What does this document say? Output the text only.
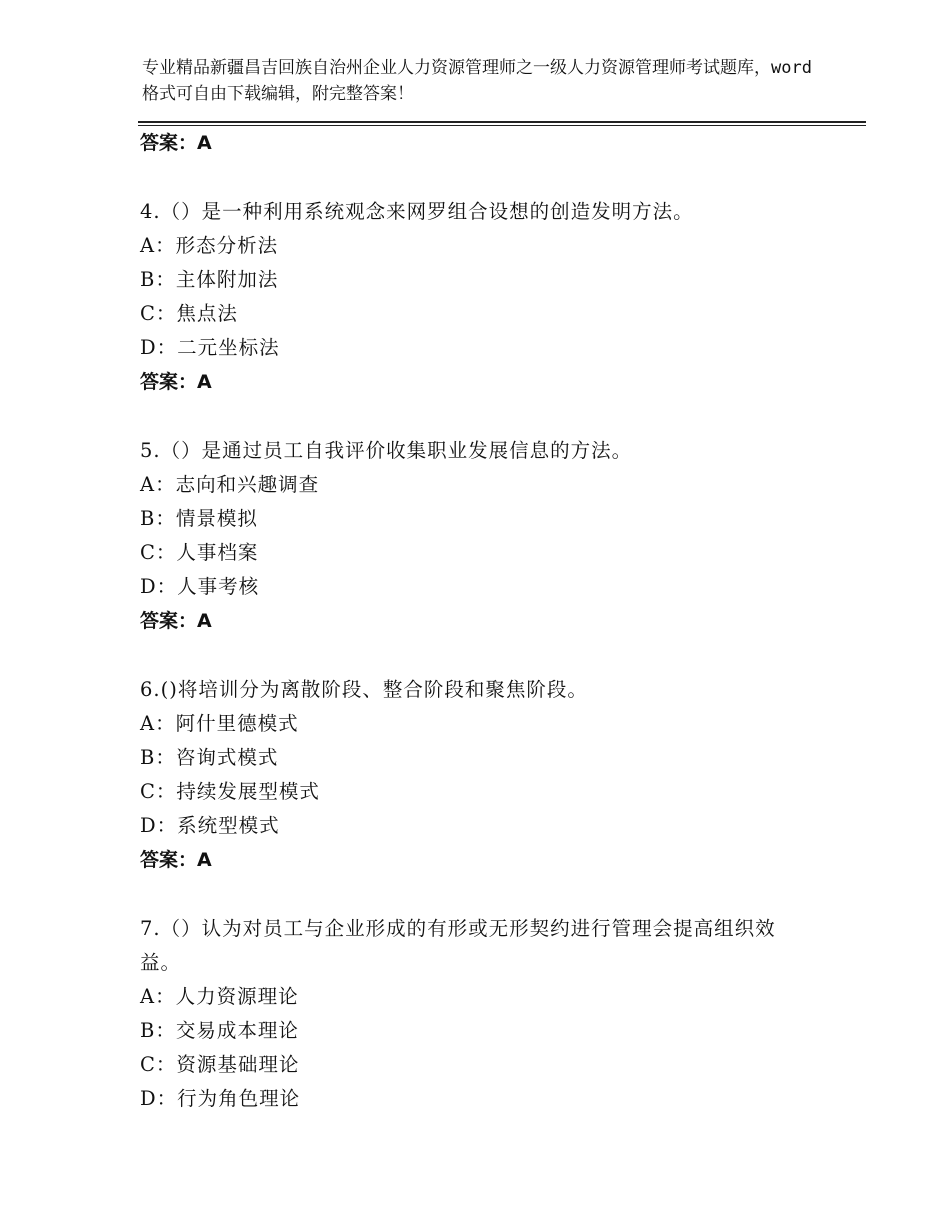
专业精品新疆昌吉回族自治州企业人力资源管理师之一级人力资源管理师考试题库，word格式可自由下载编辑，附完整答案！
答案：A
4.（）是一种利用系统观念来网罗组合设想的创造发明方法。
A：形态分析法
B：主体附加法
C：焦点法
D：二元坐标法
答案：A
5.（）是通过员工自我评价收集职业发展信息的方法。
A：志向和兴趣调查
B：情景模拟
C：人事档案
D：人事考核
答案：A
6.()将培训分为离散阶段、整合阶段和聚焦阶段。
A：阿什里德模式
B：咨询式模式
C：持续发展型模式
D：系统型模式
答案：A
7.（）认为对员工与企业形成的有形或无形契约进行管理会提高组织效益。
A：人力资源理论
B：交易成本理论
C：资源基础理论
D：行为角色理论
